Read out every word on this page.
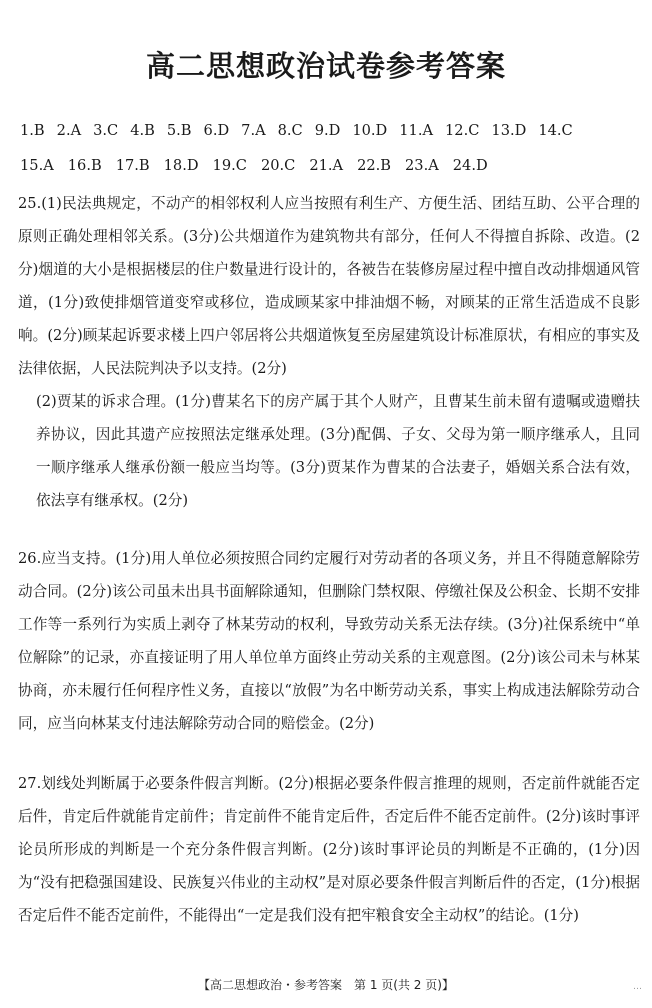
高二思想政治试卷参考答案
1.B 2.A 3.C 4.B 5.B 6.D 7.A 8.C 9.D 10.D 11.A 12.C 13.D 14.C
15.A 16.B 17.B 18.D 19.C 20.C 21.A 22.B 23.A 24.D

25.(1)民法典规定，不动产的相邻权利人应当按照有利生产、方便生活、团结互助、公平合理的原则正确处理相邻关系。(3分)公共烟道作为建筑物共有部分，任何人不得擅自拆除、改造。(2分)烟道的大小是根据楼层的住户数量进行设计的，各被告在装修房屋过程中擅自改动排烟通风管道，(1分)致使排烟管道变窄或移位，造成顾某家中排油烟不畅，对顾某的正常生活造成不良影响。(2分)顾某起诉要求楼上四户邻居将公共烟道恢复至房屋建筑设计标准原状，有相应的事实及法律依据，人民法院判决予以支持。(2分)

(2)贾某的诉求合理。(1分)曹某名下的房产属于其个人财产，且曹某生前未留有遗嘱或遗赠扶养协议，因此其遗产应按照法定继承处理。(3分)配偶、子女、父母为第一顺序继承人，且同一顺序继承人继承份额一般应当均等。(3分)贾某作为曹某的合法妻子，婚姻关系合法有效，依法享有继承权。(2分)

26.应当支持。(1分)用人单位必须按照合同约定履行对劳动者的各项义务，并且不得随意解除劳动合同。(2分)该公司虽未出具书面解除通知，但删除门禁权限、停缴社保及公积金、长期不安排工作等一系列行为实质上剥夺了林某劳动的权利，导致劳动关系无法存续。(3分)社保系统中“单位解除”的记录，亦直接证明了用人单位单方面终止劳动关系的主观意图。(2分)该公司未与林某协商，亦未履行任何程序性义务，直接以“放假”为名中断劳动关系，事实上构成违法解除劳动合同，应当向林某支付违法解除劳动合同的赔偿金。(2分)

27.划线处判断属于必要条件假言判断。(2分)根据必要条件假言推理的规则，否定前件就能否定后件，肯定后件就能肯定前件；肯定前件不能肯定后件，否定后件不能否定前件。(2分)该时事评论员所形成的判断是一个充分条件假言判断。(2分)该时事评论员的判断是不正确的，(1分)因为“没有把稳强国建设、民族复兴伟业的主动权”是对原必要条件假言判断后件的否定，(1分)根据否定后件不能否定前件，不能得出“一定是我们没有把牢粮食安全主动权”的结论。(1分)

【高二思想政治・参考答案　第 1 页(共 2 页)】	…
